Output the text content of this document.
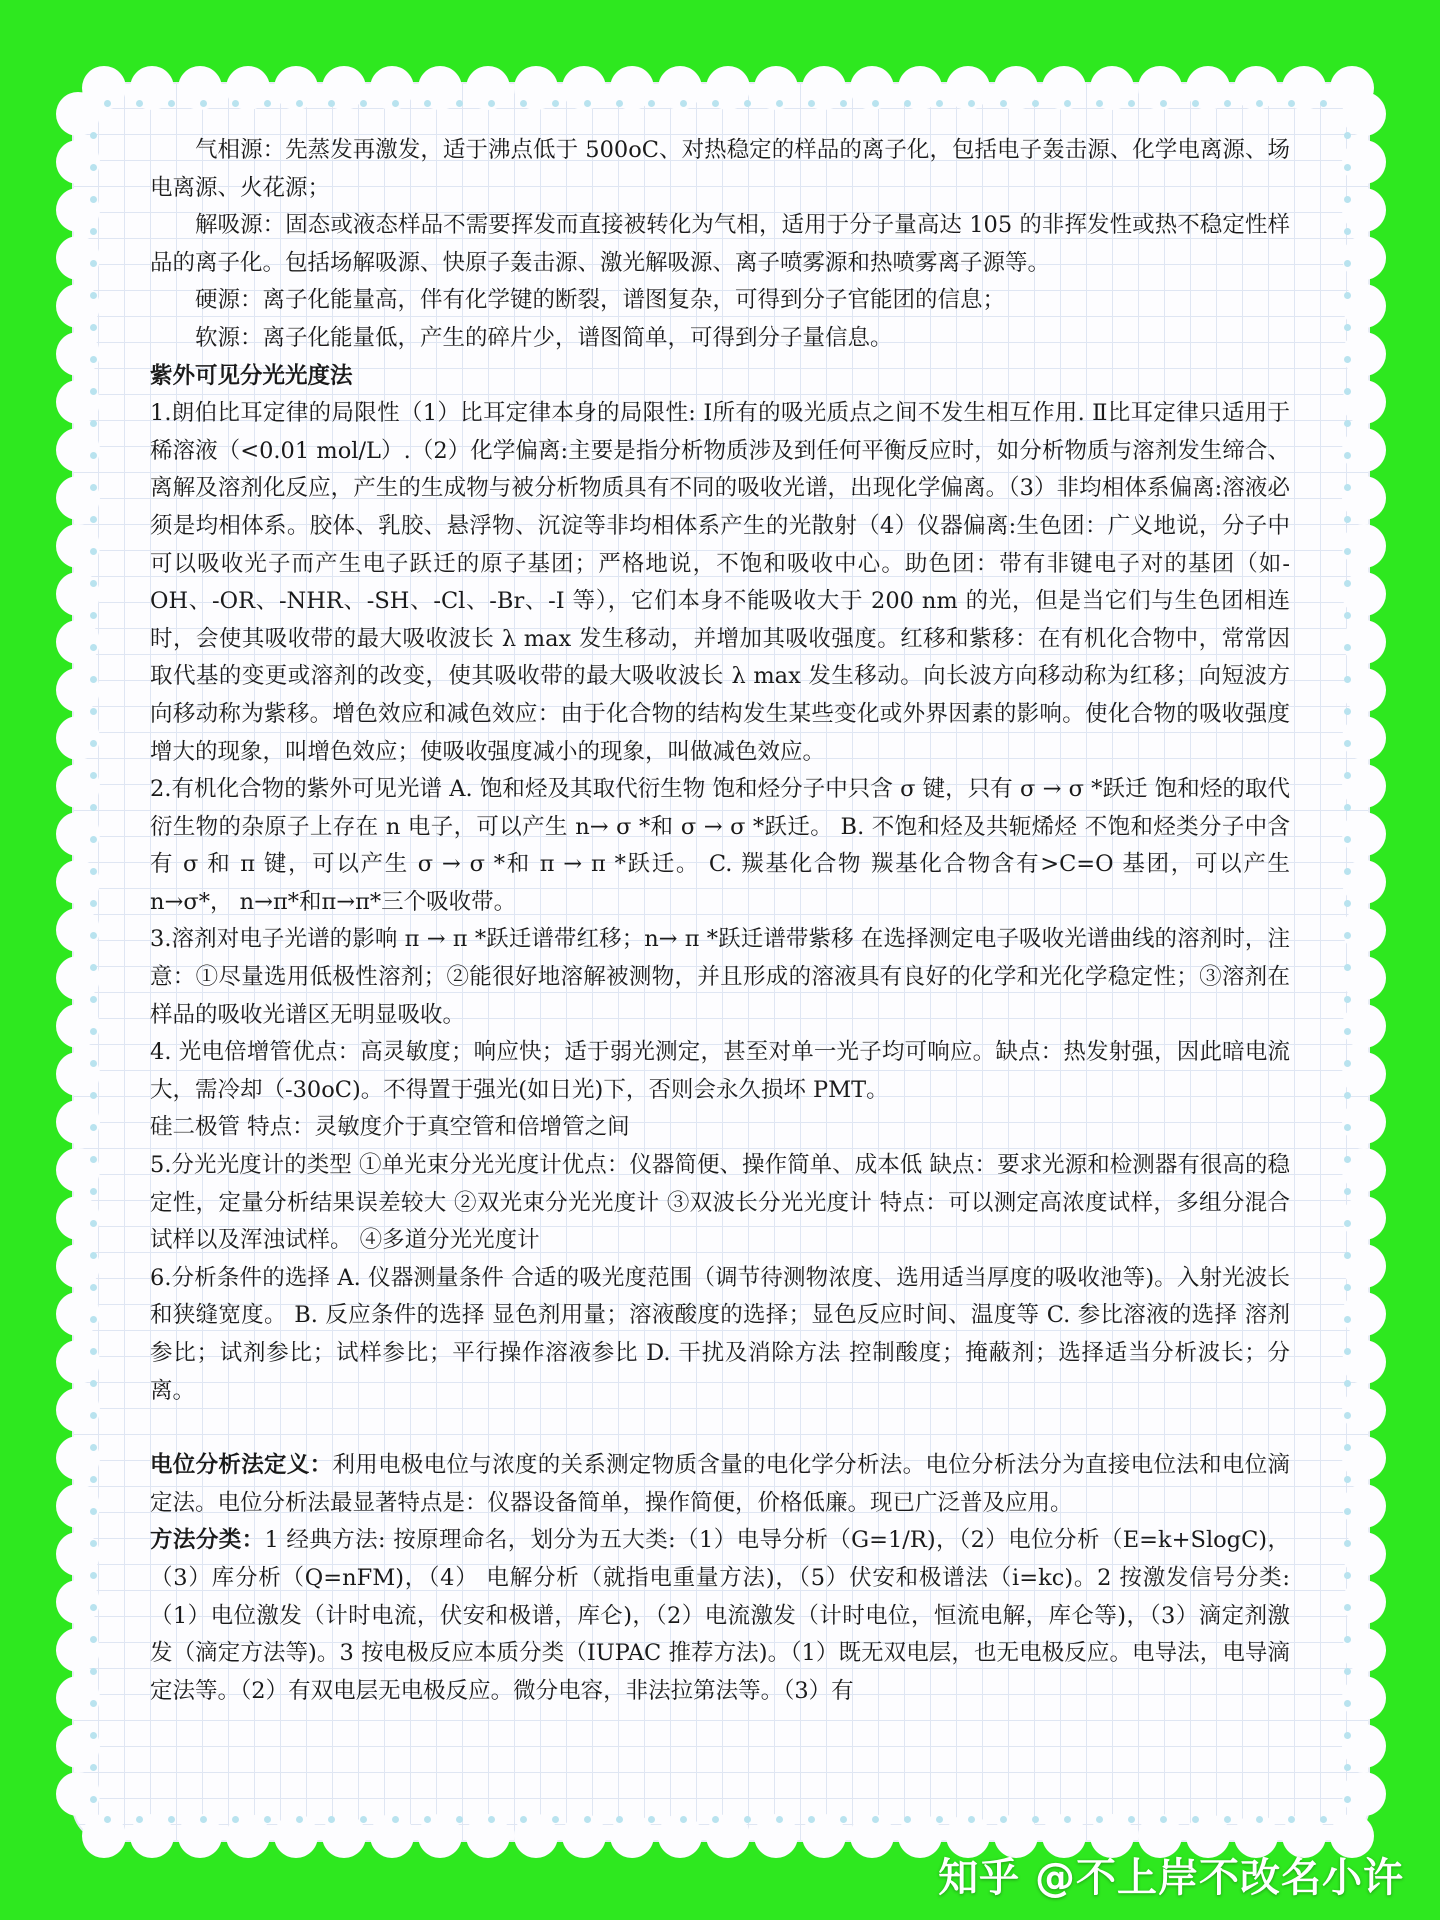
气相源：先蒸发再激发，适于沸点低于 500oC、对热稳定的样品的离子化，包括电子轰击源、化学电离源、场电离源、火花源；

解吸源：固态或液态样品不需要挥发而直接被转化为气相，适用于分子量高达 105 的非挥发性或热不稳定性样品的离子化。包括场解吸源、快原子轰击源、激光解吸源、离子喷雾源和热喷雾离子源等。

硬源：离子化能量高，伴有化学键的断裂，谱图复杂，可得到分子官能团的信息；

软源：离子化能量低，产生的碎片少，谱图简单，可得到分子量信息。

紫外可见分光光度法

1.朗伯比耳定律的局限性（1）比耳定律本身的局限性: Ⅰ所有的吸光质点之间不发生相互作用. Ⅱ比耳定律只适用于稀溶液（<0.01 mol/L）.（2）化学偏离:主要是指分析物质涉及到任何平衡反应时，如分析物质与溶剂发生缔合、离解及溶剂化反应，产生的生成物与被分析物质具有不同的吸收光谱，出现化学偏离。（3）非均相体系偏离:溶液必须是均相体系。胶体、乳胶、悬浮物、沉淀等非均相体系产生的光散射（4）仪器偏离:生色团：广义地说，分子中可以吸收光子而产生电子跃迁的原子基团；严格地说，不饱和吸收中心。助色团：带有非键电子对的基团（如-OH、-OR、-NHR、-SH、-Cl、-Br、-I 等），它们本身不能吸收大于 200 nm 的光，但是当它们与生色团相连时，会使其吸收带的最大吸收波长 λ max 发生移动，并增加其吸收强度。红移和紫移：在有机化合物中，常常因取代基的变更或溶剂的改变，使其吸收带的最大吸收波长 λ max 发生移动。向长波方向移动称为红移；向短波方向移动称为紫移。增色效应和减色效应：由于化合物的结构发生某些变化或外界因素的影响。使化合物的吸收强度增大的现象，叫增色效应；使吸收强度减小的现象，叫做减色效应。

2.有机化合物的紫外可见光谱 A. 饱和烃及其取代衍生物 饱和烃分子中只含 σ 键，只有 σ → σ *跃迁 饱和烃的取代衍生物的杂原子上存在 n 电子，可以产生 n→ σ *和 σ → σ *跃迁。 B. 不饱和烃及共轭烯烃 不饱和烃类分子中含有 σ 和 π 键，可以产生 σ → σ *和 π → π *跃迁。 C. 羰基化合物 羰基化合物含有>C=O 基团，可以产生 n→σ*， n→π*和π→π*三个吸收带。

3.溶剂对电子光谱的影响 π → π *跃迁谱带红移；n→ π *跃迁谱带紫移 在选择测定电子吸收光谱曲线的溶剂时，注意：①尽量选用低极性溶剂；②能很好地溶解被测物，并且形成的溶液具有良好的化学和光化学稳定性；③溶剂在样品的吸收光谱区无明显吸收。

4. 光电倍增管优点：高灵敏度；响应快；适于弱光测定，甚至对单一光子均可响应。缺点：热发射强，因此暗电流大，需冷却（-30oC)。不得置于强光(如日光)下，否则会永久损坏 PMT。

硅二极管 特点：灵敏度介于真空管和倍增管之间

5.分光光度计的类型 ①单光束分光光度计优点：仪器简便、操作简单、成本低 缺点：要求光源和检测器有很高的稳定性，定量分析结果误差较大 ②双光束分光光度计 ③双波长分光光度计 特点：可以测定高浓度试样，多组分混合试样以及浑浊试样。 ④多道分光光度计

6.分析条件的选择 A. 仪器测量条件 合适的吸光度范围（调节待测物浓度、选用适当厚度的吸收池等)。入射光波长和狭缝宽度。 B. 反应条件的选择 显色剂用量；溶液酸度的选择；显色反应时间、温度等 C. 参比溶液的选择 溶剂参比；试剂参比；试样参比；平行操作溶液参比 D. 干扰及消除方法 控制酸度；掩蔽剂；选择适当分析波长；分离。

电位分析法定义：利用电极电位与浓度的关系测定物质含量的电化学分析法。电位分析法分为直接电位法和电位滴定法。电位分析法最显著特点是：仪器设备简单，操作简便，价格低廉。现已广泛普及应用。

方法分类：1 经典方法: 按原理命名，划分为五大类:（1）电导分析（G=1/R)，（2）电位分析（E=k+SlogC)，（3）库分析（Q=nFM)，（4） 电解分析（就指电重量方法)，（5）伏安和极谱法（i=kc)。2 按激发信号分类:（1）电位激发（计时电流，伏安和极谱，库仑)，（2）电流激发（计时电位，恒流电解，库仑等)，（3）滴定剂激发（滴定方法等)。3 按电极反应本质分类（IUPAC 推荐方法)。（1）既无双电层，也无电极反应。电导法，电导滴定法等。（2）有双电层无电极反应。微分电容，非法拉第法等。（3）有

知乎 @不上岸不改名小许
